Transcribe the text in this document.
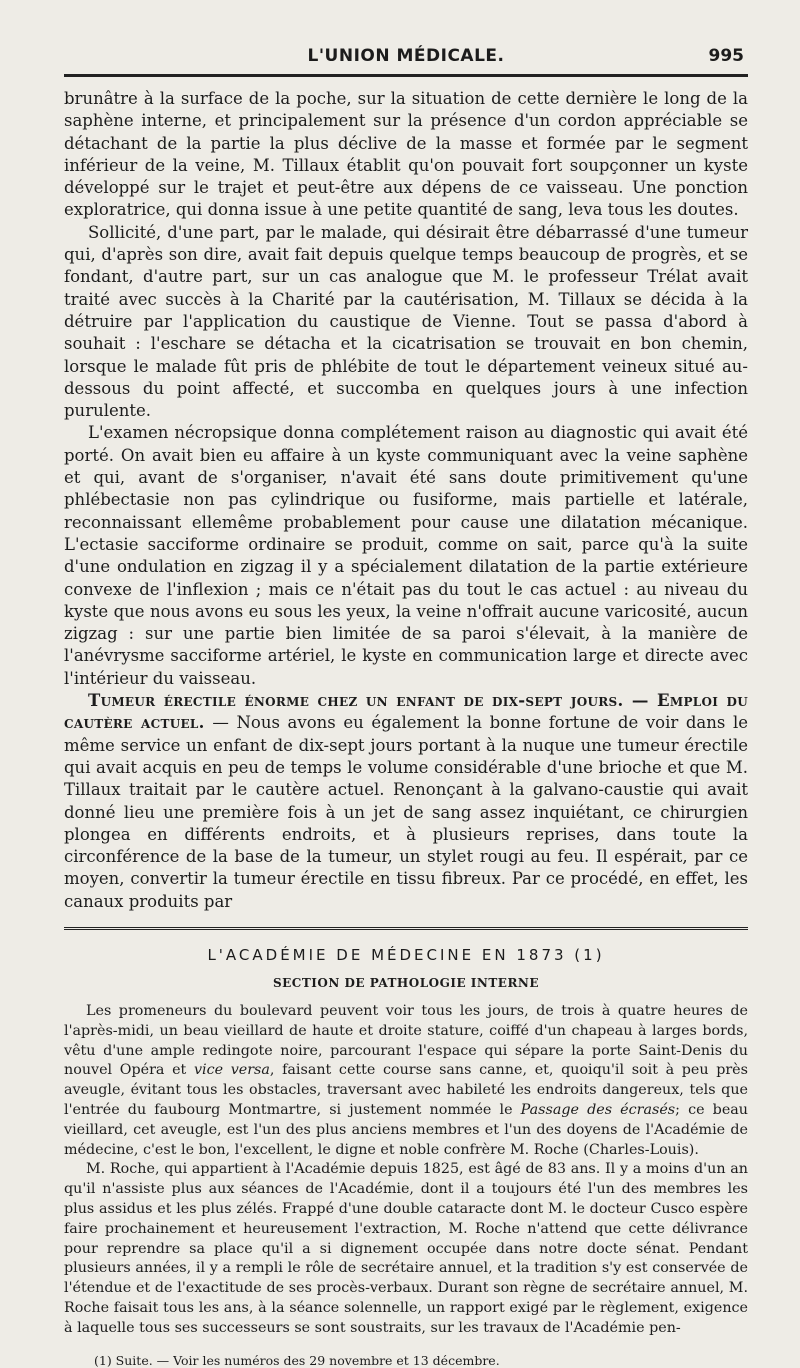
L'UNION MÉDICALE.	995

brunâtre à la surface de la poche, sur la situation de cette dernière le long de la saphène interne, et principalement sur la présence d'un cordon appréciable se détachant de la partie la plus déclive de la masse et formée par le segment inférieur de la veine, M. Tillaux établit qu'on pouvait fort soupçonner un kyste développé sur le trajet et peut-être aux dépens de ce vaisseau. Une ponction exploratrice, qui donna issue à une petite quantité de sang, leva tous les doutes.

Sollicité, d'une part, par le malade, qui désirait être débarrassé d'une tumeur qui, d'après son dire, avait fait depuis quelque temps beaucoup de progrès, et se fondant, d'autre part, sur un cas analogue que M. le professeur Trélat avait traité avec succès à la Charité par la cautérisation, M. Tillaux se décida à la détruire par l'application du caustique de Vienne. Tout se passa d'abord à souhait : l'eschare se détacha et la cicatrisation se trouvait en bon chemin, lorsque le malade fût pris de phlébite de tout le département veineux situé au-dessous du point affecté, et succomba en quelques jours à une infection purulente.

L'examen nécropsique donna complétement raison au diagnostic qui avait été porté. On avait bien eu affaire à un kyste communiquant avec la veine saphène et qui, avant de s'organiser, n'avait été sans doute primitivement qu'une phlébectasie non pas cylindrique ou fusiforme, mais partielle et latérale, reconnaissant ellemême probablement pour cause une dilatation mécanique. L'ectasie sacciforme ordinaire se produit, comme on sait, parce qu'à la suite d'une ondulation en zigzag il y a spécialement dilatation de la partie extérieure convexe de l'inflexion ; mais ce n'était pas du tout le cas actuel : au niveau du kyste que nous avons eu sous les yeux, la veine n'offrait aucune varicosité, aucun zigzag : sur une partie bien limitée de sa paroi s'élevait, à la manière de l'anévrysme sacciforme artériel, le kyste en communication large et directe avec l'intérieur du vaisseau.

Tumeur érectile énorme chez un enfant de dix-sept jours. — Emploi du cautère actuel. — Nous avons eu également la bonne fortune de voir dans le même service un enfant de dix-sept jours portant à la nuque une tumeur érectile qui avait acquis en peu de temps le volume considérable d'une brioche et que M. Tillaux traitait par le cautère actuel. Renonçant à la galvano-caustie qui avait donné lieu une première fois à un jet de sang assez inquiétant, ce chirurgien plongea en différents endroits, et à plusieurs reprises, dans toute la circonférence de la base de la tumeur, un stylet rougi au feu. Il espérait, par ce moyen, convertir la tumeur érectile en tissu fibreux. Par ce procédé, en effet, les canaux produits par

L'ACADÉMIE DE MÉDECINE EN 1873 (1)
SECTION DE PATHOLOGIE INTERNE

Les promeneurs du boulevard peuvent voir tous les jours, de trois à quatre heures de l'après-midi, un beau vieillard de haute et droite stature, coiffé d'un chapeau à larges bords, vêtu d'une ample redingote noire, parcourant l'espace qui sépare la porte Saint-Denis du nouvel Opéra et vice versa, faisant cette course sans canne, et, quoiqu'il soit à peu près aveugle, évitant tous les obstacles, traversant avec habileté les endroits dangereux, tels que l'entrée du faubourg Montmartre, si justement nommée le Passage des écrasés; ce beau vieillard, cet aveugle, est l'un des plus anciens membres et l'un des doyens de l'Académie de médecine, c'est le bon, l'excellent, le digne et noble confrère M. Roche (Charles-Louis).

M. Roche, qui appartient à l'Académie depuis 1825, est âgé de 83 ans. Il y a moins d'un an qu'il n'assiste plus aux séances de l'Académie, dont il a toujours été l'un des membres les plus assidus et les plus zélés. Frappé d'une double cataracte dont M. le docteur Cusco espère faire prochainement et heureusement l'extraction, M. Roche n'attend que cette délivrance pour reprendre sa place qu'il a si dignement occupée dans notre docte sénat. Pendant plusieurs années, il y a rempli le rôle de secrétaire annuel, et la tradition s'y est conservée de l'étendue et de l'exactitude de ses procès-verbaux. Durant son règne de secrétaire annuel, M. Roche faisait tous les ans, à la séance solennelle, un rapport exigé par le règlement, exigence à laquelle tous ses successeurs se sont soustraits, sur les travaux de l'Académie pen-

(1) Suite. — Voir les numéros des 29 novembre et 13 décembre.
